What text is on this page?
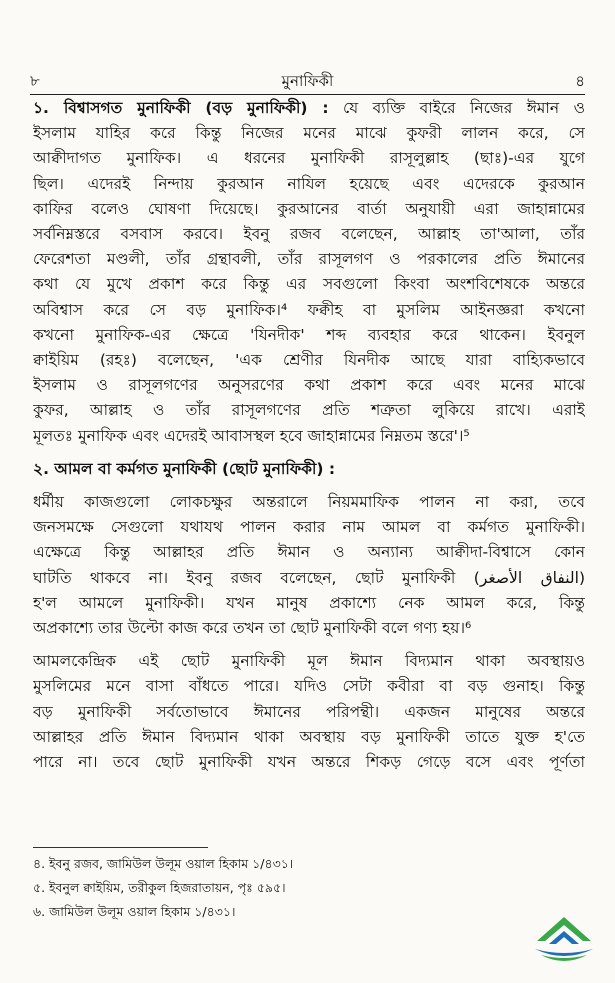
৮	মুনাফিকী	৪
১. বিশ্বাসগত মুনাফিকী (বড় মুনাফিকী) : যে ব্যক্তি বাইরে নিজের ঈমান ও
ইসলাম যাহির করে কিন্তু নিজের মনের মাঝে কুফরী লালন করে, সে
আক্বীদাগত মুনাফিক। এ ধরনের মুনাফিকী রাসূলুল্লাহ (ছাঃ)-এর যুগে
ছিল। এদেরই নিন্দায় কুরআন নাযিল হয়েছে এবং এদেরকে কুরআন
কাফির বলেও ঘোষণা দিয়েছে। কুরআনের বার্তা অনুযায়ী এরা জাহান্নামের
সর্বনিম্নস্তরে বসবাস করবে। ইবনু রজব বলেছেন, আল্লাহ তা'আলা, তাঁর
ফেরেশতা মণ্ডলী, তাঁর গ্রন্থাবলী, তাঁর রাসূলগণ ও পরকালের প্রতি ঈমানের
কথা যে মুখে প্রকাশ করে কিন্তু এর সবগুলো কিংবা অংশবিশেষকে অন্তরে
অবিশ্বাস করে সে বড় মুনাফিক।⁴ ফক্বীহ বা মুসলিম আইনজ্ঞরা কখনো
কখনো মুনাফিক-এর ক্ষেত্রে 'যিনদীক' শব্দ ব্যবহার করে থাকেন। ইবনুল
ক্বাইয়িম (রহঃ) বলেছেন, 'এক শ্রেণীর যিনদীক আছে যারা বাহ্যিকভাবে
ইসলাম ও রাসূলগণের অনুসরণের কথা প্রকাশ করে এবং মনের মাঝে
কুফর, আল্লাহ ও তাঁর রাসূলগণের প্রতি শত্রুতা লুকিয়ে রাখে। এরাই
মূলতঃ মুনাফিক এবং এদেরই আবাসস্থল হবে জাহান্নামের নিম্নতম স্তরে'।⁵
২. আমল বা কর্মগত মুনাফিকী (ছোট মুনাফিকী) :
ধর্মীয় কাজগুলো লোকচক্ষুর অন্তরালে নিয়মমাফিক পালন না করা, তবে
জনসমক্ষে সেগুলো যথাযথ পালন করার নাম আমল বা কর্মগত মুনাফিকী।
এক্ষেত্রে কিন্তু আল্লাহর প্রতি ঈমান ও অন্যান্য আক্বীদা-বিশ্বাসে কোন
ঘাটতি থাকবে না। ইবনু রজব বলেছেন, ছোট মুনাফিকী (النفاق الأصغر)
হ'ল আমলে মুনাফিকী। যখন মানুষ প্রকাশ্যে নেক আমল করে, কিন্তু
অপ্রকাশ্যে তার উল্টো কাজ করে তখন তা ছোট মুনাফিকী বলে গণ্য হয়।⁶
আমলকেন্দ্রিক এই ছোট মুনাফিকী মূল ঈমান বিদ্যমান থাকা অবস্থায়ও
মুসলিমের মনে বাসা বাঁধতে পারে। যদিও সেটা কবীরা বা বড় গুনাহ। কিন্তু
বড় মুনাফিকী সর্বতোভাবে ঈমানের পরিপন্থী। একজন মানুষের অন্তরে
আল্লাহর প্রতি ঈমান বিদ্যমান থাকা অবস্থায় বড় মুনাফিকী তাতে যুক্ত হ'তে
পারে না। তবে ছোট মুনাফিকী যখন অন্তরে শিকড় গেড়ে বসে এবং পূর্ণতা
৪. ইবনু রজব, জামিউল উলূম ওয়াল হিকাম ১/৪৩১।
৫. ইবনুল ক্বাইয়িম, তরীকুল হিজরাতায়ন, পৃঃ ৫৯৫।
৬. জামিউল উলূম ওয়াল হিকাম ১/৪৩১।
